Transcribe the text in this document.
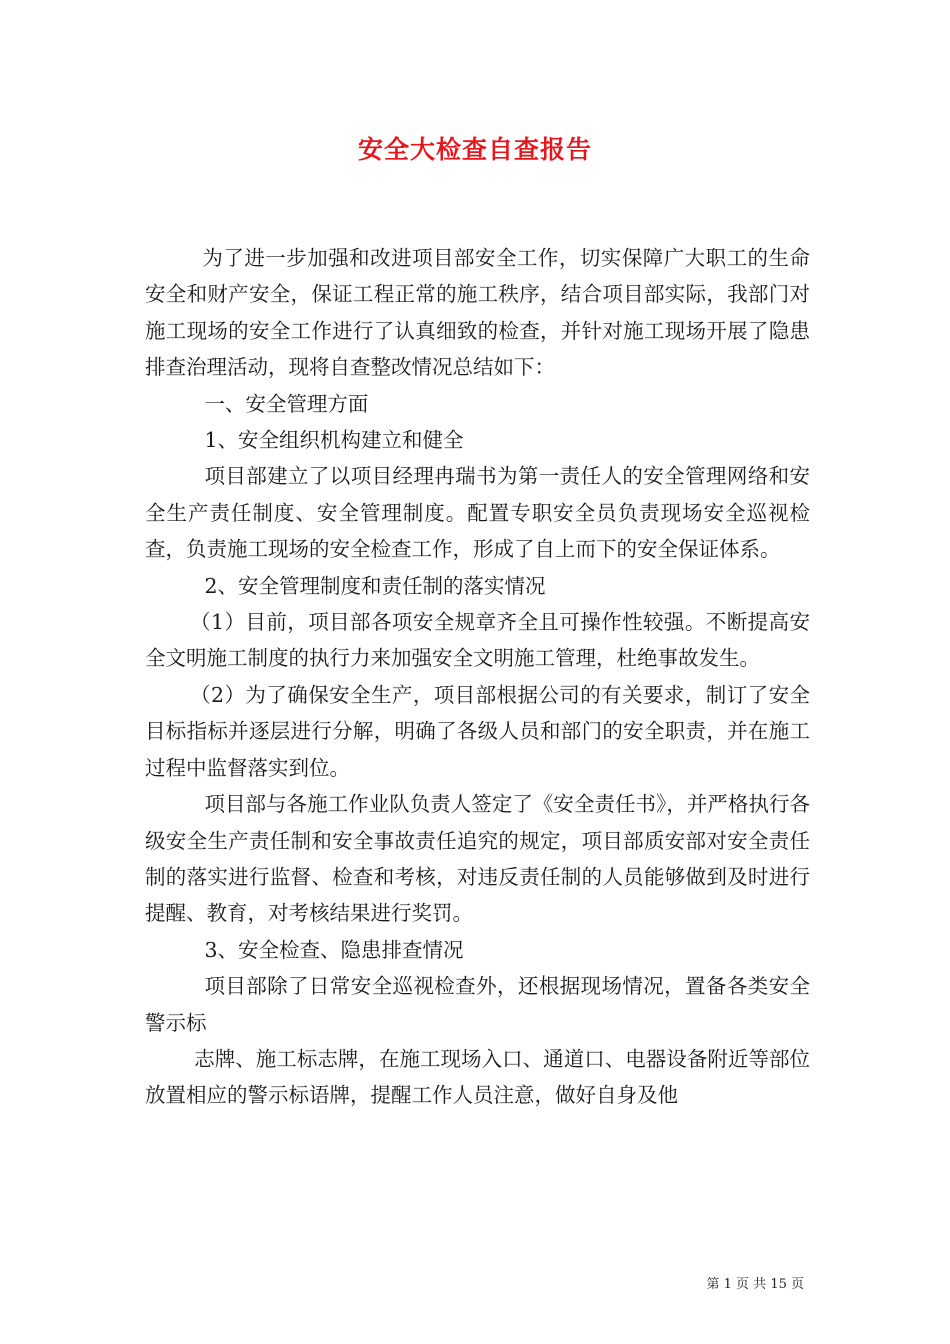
安全大检查自查报告

为了进一步加强和改进项目部安全工作，切实保障广大职工的生命安全和财产安全，保证工程正常的施工秩序，结合项目部实际，我部门对施工现场的安全工作进行了认真细致的检查，并针对施工现场开展了隐患排查治理活动，现将自查整改情况总结如下：

一、安全管理方面

1、安全组织机构建立和健全

项目部建立了以项目经理冉瑞书为第一责任人的安全管理网络和安全生产责任制度、安全管理制度。配置专职安全员负责现场安全巡视检查，负责施工现场的安全检查工作，形成了自上而下的安全保证体系。

2、安全管理制度和责任制的落实情况

（1）目前，项目部各项安全规章齐全且可操作性较强。不断提高安全文明施工制度的执行力来加强安全文明施工管理，杜绝事故发生。

（2）为了确保安全生产，项目部根据公司的有关要求，制订了安全目标指标并逐层进行分解，明确了各级人员和部门的安全职责，并在施工过程中监督落实到位。

项目部与各施工作业队负责人签定了《安全责任书》，并严格执行各级安全生产责任制和安全事故责任追究的规定，项目部质安部对安全责任制的落实进行监督、检查和考核，对违反责任制的人员能够做到及时进行提醒、教育，对考核结果进行奖罚。

3、安全检查、隐患排查情况

项目部除了日常安全巡视检查外，还根据现场情况，置备各类安全警示标

志牌、施工标志牌，在施工现场入口、通道口、电器设备附近等部位放置相应的警示标语牌，提醒工作人员注意，做好自身及他

第 1 页 共 15 页
